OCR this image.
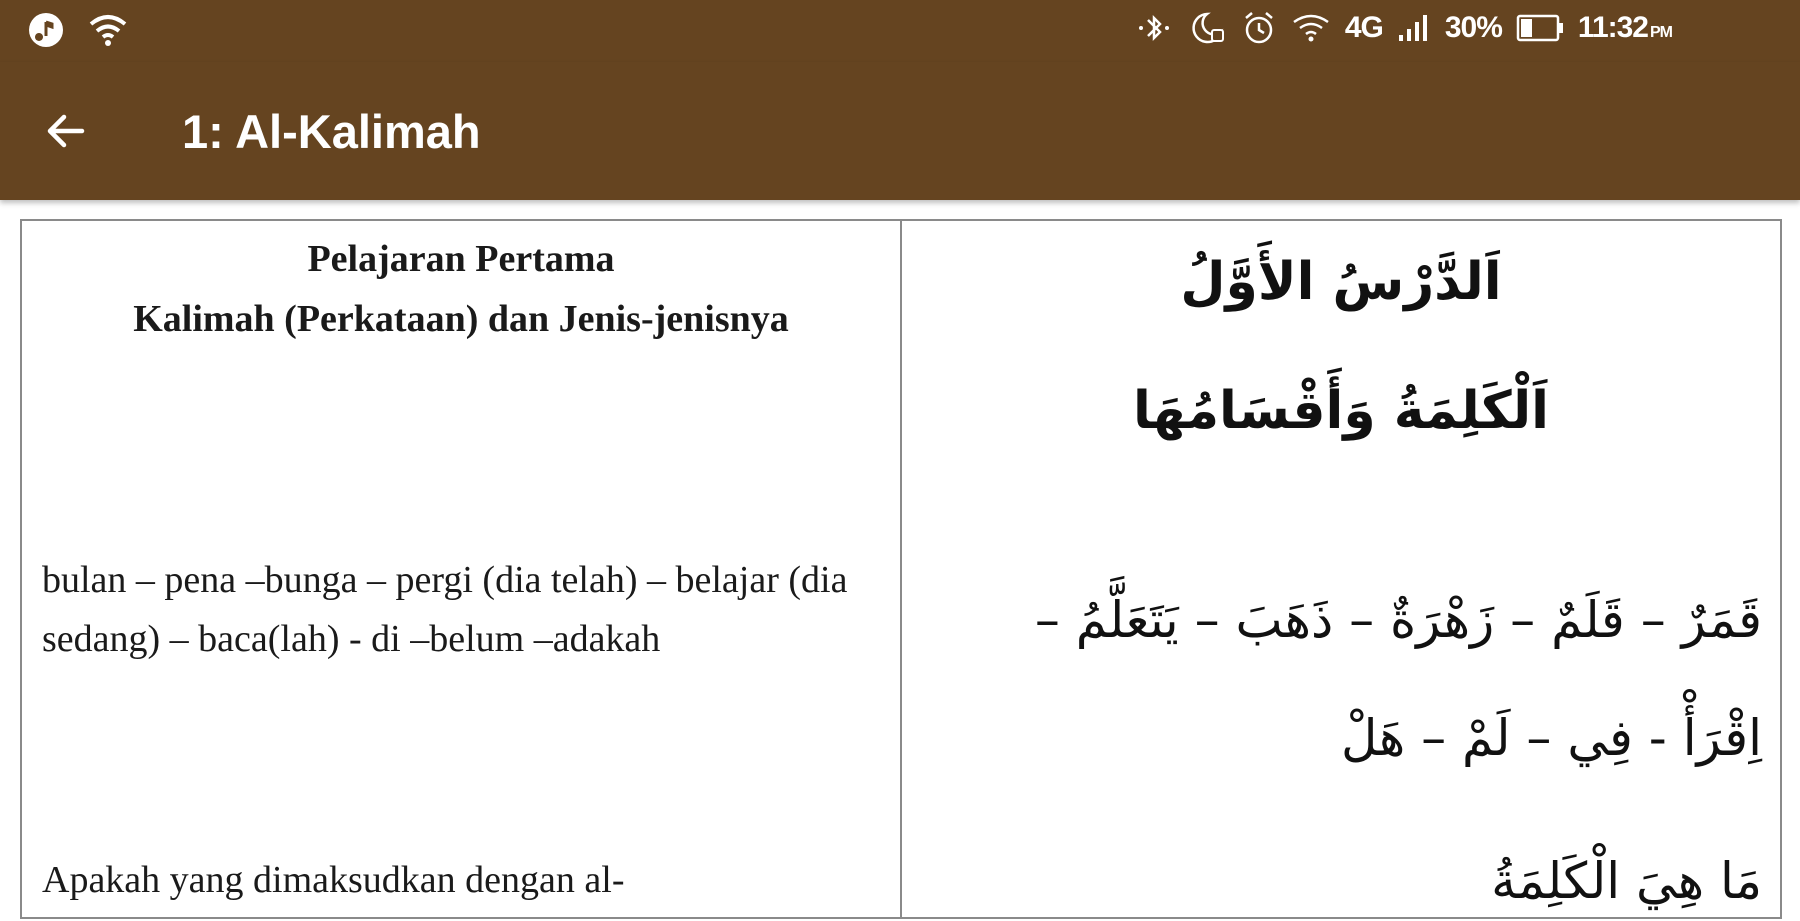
4G 30%	11:32 PM
1: Al-Kalimah
Pelajaran Pertama
Kalimah (Perkataan) dan Jenis-jenisnya
bulan – pena –bunga – pergi (dia telah) – belajar (dia sedang) – baca(lah) - di –belum –adakah
Apakah yang dimaksudkan dengan al-
اَلدَّرْسُ الأَوَّلُ
اَلْكَلِمَةُ وَأَقْسَامُهَا
قَمَرٌ – قَلَمٌ – زَهْرَةٌ – ذَهَبَ – يَتَعَلَّمُ – اِقْرَأْ - فِي – لَمْ – هَلْ
مَا هِيَ الْكَلِمَةُ
